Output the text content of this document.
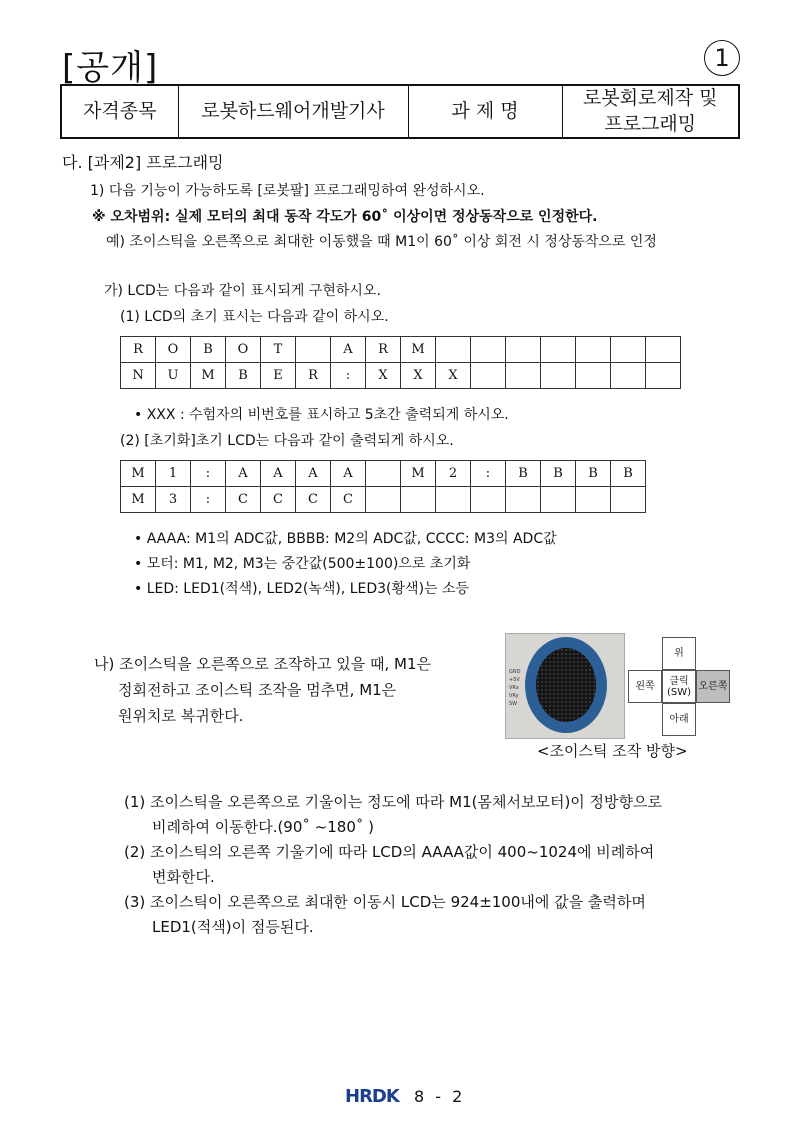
[공개]	1
자격종목	로봇하드웨어개발기사	과 제 명	
로봇회로제작 및
프로그래밍
다. [과제2] 프로그래밍
1) 다음 기능이 가능하도록 [로봇팔] 프로그래밍하여 완성하시오.
※ 오차범위: 실제 모터의 최대 동작 각도가 60˚ 이상이면 정상동작으로 인정한다.
예) 조이스틱을 오른쪽으로 최대한 이동했을 때 M1이 60˚ 이상 회전 시 정상동작으로 인정
가) LCD는 다음과 같이 표시되게 구현하시오.
(1) LCD의 초기 표시는 다음과 같이 하시오.
R	O	B	O	T		A	R	M							
N	U	M	B	E	R	:	X	X	X						
• XXX : 수험자의 비번호를 표시하고 5초간 출력되게 하시오.
(2) [초기화]초기 LCD는 다음과 같이 출력되게 하시오.
M	1	:	A	A	A	A		M	2	:	B	B	B	B
M	3	:	C	C	C	C								
• AAAA: M1의 ADC값, BBBB: M2의 ADC값, CCCC: M3의 ADC값
• 모터: M1, M2, M3는 중간값(500±100)으로 초기화
• LED: LED1(적색), LED2(녹색), LED3(황색)는 소등
나) 조이스틱을 오른쪽으로 조작하고 있을 때, M1은
정회전하고 조이스틱 조작을 멈추면, M1은
원위치로 복귀한다.
GND
+5V
VRx
VRy
SW
위
왼쪽	클릭
(SW) 오른쪽
아래
<조이스틱 조작 방향>
(1) 조이스틱을 오른쪽으로 기울이는 정도에 따라 M1(몸체서보모터)이 정방향으로
비례하여 이동한다.(90˚ ~180˚ )
(2) 조이스틱의 오른쪽 기울기에 따라 LCD의 AAAA값이 400~1024에 비례하여
변화한다.
(3) 조이스틱이 오른쪽으로 최대한 이동시 LCD는 924±100내에 값을 출력하며
LED1(적색)이 점등된다.
HRDK 8 - 2
